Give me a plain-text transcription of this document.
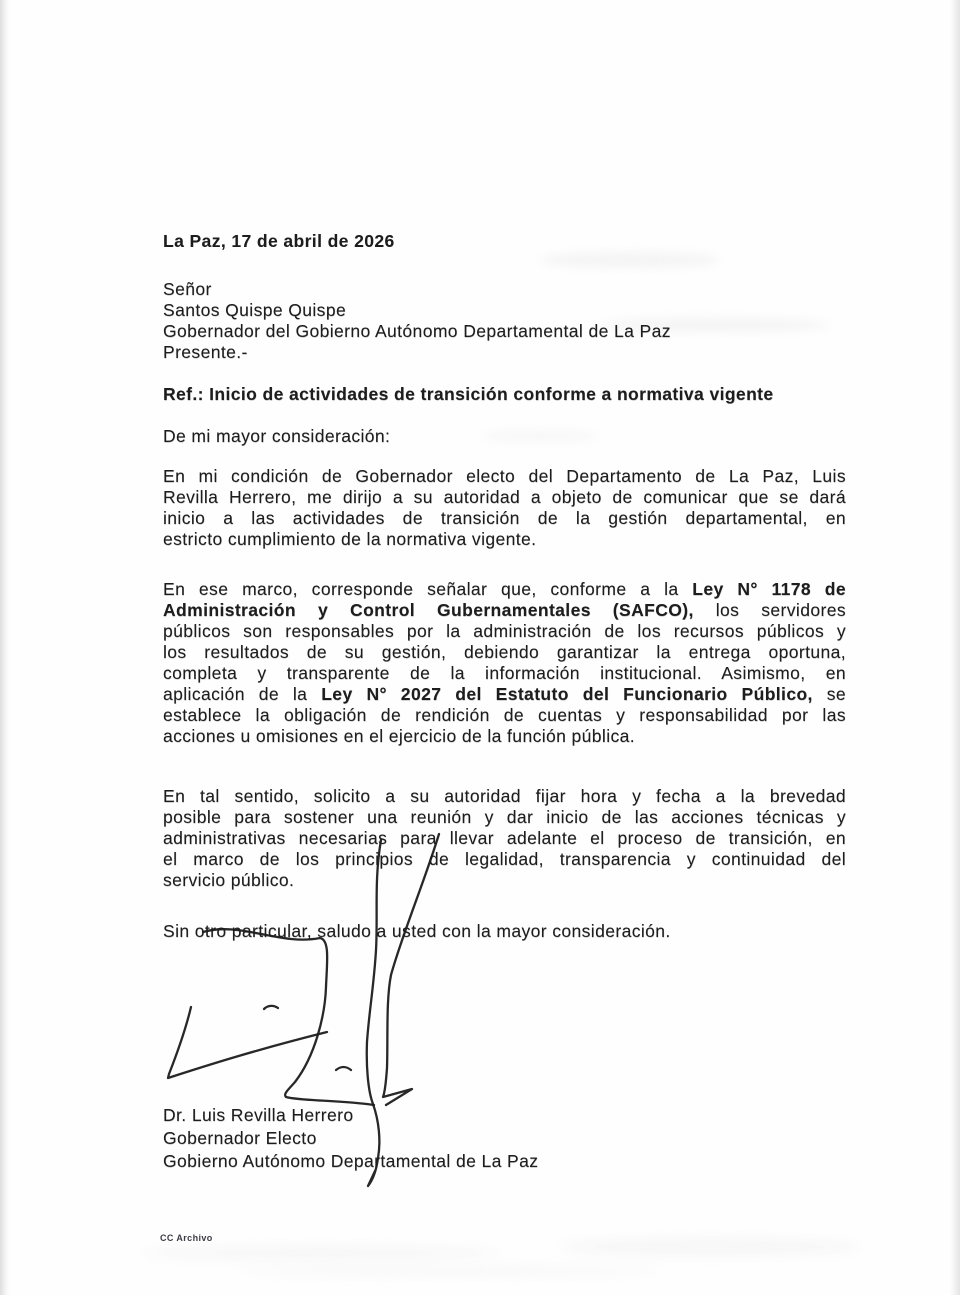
La Paz, 17 de abril de 2026
Señor
Santos Quispe Quispe
Gobernador del Gobierno Autónomo Departamental de La Paz
Presente.-
Ref.: Inicio de actividades de transición conforme a normativa vigente
De mi mayor consideración:
En mi condición de Gobernador electo del Departamento de La Paz, Luis
Revilla Herrero, me dirijo a su autoridad a objeto de comunicar que se dará
inicio a las actividades de transición de la gestión departamental, en
estricto cumplimiento de la normativa vigente.
En ese marco, corresponde señalar que, conforme a la Ley N° 1178 de
Administración y Control Gubernamentales (SAFCO), los servidores
públicos son responsables por la administración de los recursos públicos y
los resultados de su gestión, debiendo garantizar la entrega oportuna,
completa y transparente de la información institucional. Asimismo, en
aplicación de la Ley N° 2027 del Estatuto del Funcionario Público, se
establece la obligación de rendición de cuentas y responsabilidad por las
acciones u omisiones en el ejercicio de la función pública.
En tal sentido, solicito a su autoridad fijar hora y fecha a la brevedad
posible para sostener una reunión y dar inicio de las acciones técnicas y
administrativas necesarias para llevar adelante el proceso de transición, en
el marco de los principios de legalidad, transparencia y continuidad del
servicio público.
Sin otro particular, saludo a usted con la mayor consideración.
Dr. Luis Revilla Herrero
Gobernador Electo
Gobierno Autónomo Departamental de La Paz
CC Archivo
